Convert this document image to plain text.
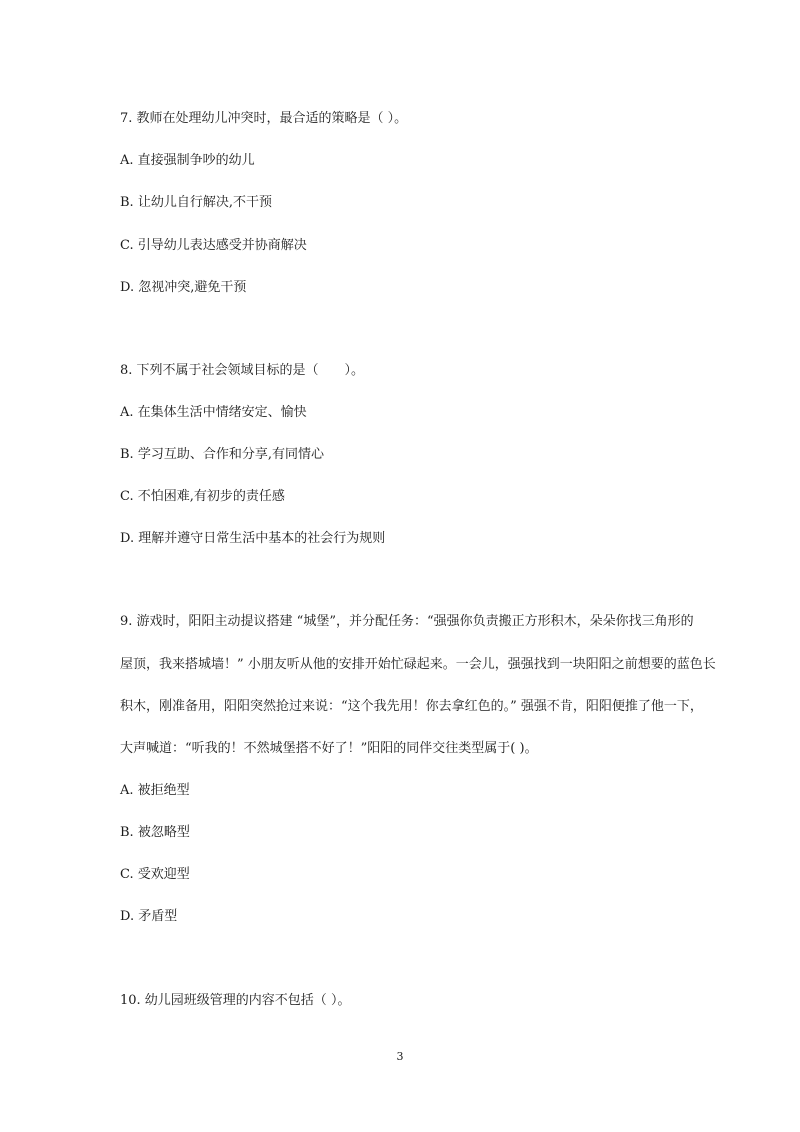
7. 教师在处理幼儿冲突时，最合适的策略是（ ）。
A. 直接强制争吵的幼儿
B. 让幼儿自行解决,不干预
C. 引导幼儿表达感受并协商解决
D. 忽视冲突,避免干预
8. 下列不属于社会领域目标的是（　　）。
A. 在集体生活中情绪安定、愉快
B. 学习互助、合作和分享,有同情心
C. 不怕困难,有初步的责任感
D. 理解并遵守日常生活中基本的社会行为规则
9. 游戏时，阳阳主动提议搭建 “城堡”，并分配任务：“强强你负责搬正方形积木，朵朵你找三角形的
屋顶，我来搭城墙！” 小朋友听从他的安排开始忙碌起来。一会儿，强强找到一块阳阳之前想要的蓝色长
积木，刚准备用，阳阳突然抢过来说：“这个我先用！你去拿红色的。” 强强不肯，阳阳便推了他一下，
大声喊道：“听我的！不然城堡搭不好了！”阳阳的同伴交往类型属于( )。
A. 被拒绝型
B. 被忽略型
C. 受欢迎型
D. 矛盾型
10. 幼儿园班级管理的内容不包括（ ）。
3
